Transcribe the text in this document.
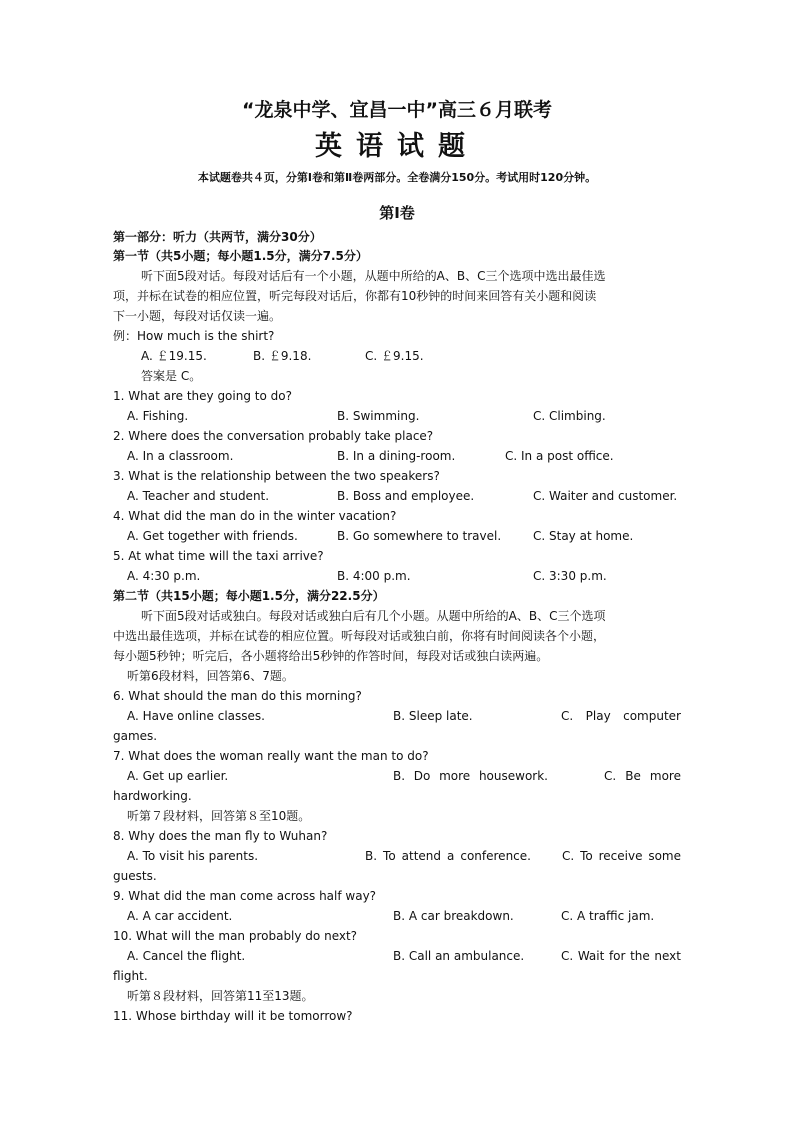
“龙泉中学、宜昌一中”高三６月联考
英语试题
本试题卷共４页，分第Ⅰ卷和第Ⅱ卷两部分。全卷满分150分。考试用时120分钟。
第Ⅰ卷
第一部分：听力（共两节，满分30分）
第一节（共5小题；每小题1.5分，满分7.5分）
听下面5段对话。每段对话后有一个小题，从题中所给的A、B、C三个选项中选出最佳选
项，并标在试卷的相应位置，听完每段对话后，你都有10秒钟的时间来回答有关小题和阅读
下一小题，每段对话仅读一遍。
例：How much is the shirt?
A. ￡19.15.	B. ￡9.18.	C. ￡9.15.
答案是 C。
1. What are they going to do?
A. Fishing.	B. Swimming.	C. Climbing.
2. Where does the conversation probably take place?
A. In a classroom.	B. In a dining-room.	C. In a post office.
3. What is the relationship between the two speakers?
A. Teacher and student.	B. Boss and employee.	C. Waiter and customer.
4. What did the man do in the winter vacation?
A. Get together with friends.	B. Go somewhere to travel.	C. Stay at home.
5. At what time will the taxi arrive?
A. 4:30 p.m.	B. 4:00 p.m.	C. 3:30 p.m.
第二节（共15小题；每小题1.5分，满分22.5分）
听下面5段对话或独白。每段对话或独白后有几个小题。从题中所给的A、B、C三个选项
中选出最佳选项，并标在试卷的相应位置。听每段对话或独白前，你将有时间阅读各个小题，
每小题5秒钟；听完后，各小题将给出5秒钟的作答时间，每段对话或独白读两遍。
听第6段材料，回答第6、7题。
6. What should the man do this morning?
A. Have online classes.	B. Sleep late.	C. Play computer
games.
7. What does the woman really want the man to do?
A. Get up earlier.	B. Do more housework.	C. Be more
hardworking.
听第７段材料，回答第８至10题。
8. Why does the man fly to Wuhan?
A. To visit his parents.	B. To attend a conference.	C. To receive some
guests.
9. What did the man come across half way?
A. A car accident.	B. A car breakdown.	C. A traffic jam.
10. What will the man probably do next?
A. Cancel the flight.	B. Call an ambulance.	C. Wait for the next
flight.
听第８段材料，回答第11至13题。
11. Whose birthday will it be tomorrow?
